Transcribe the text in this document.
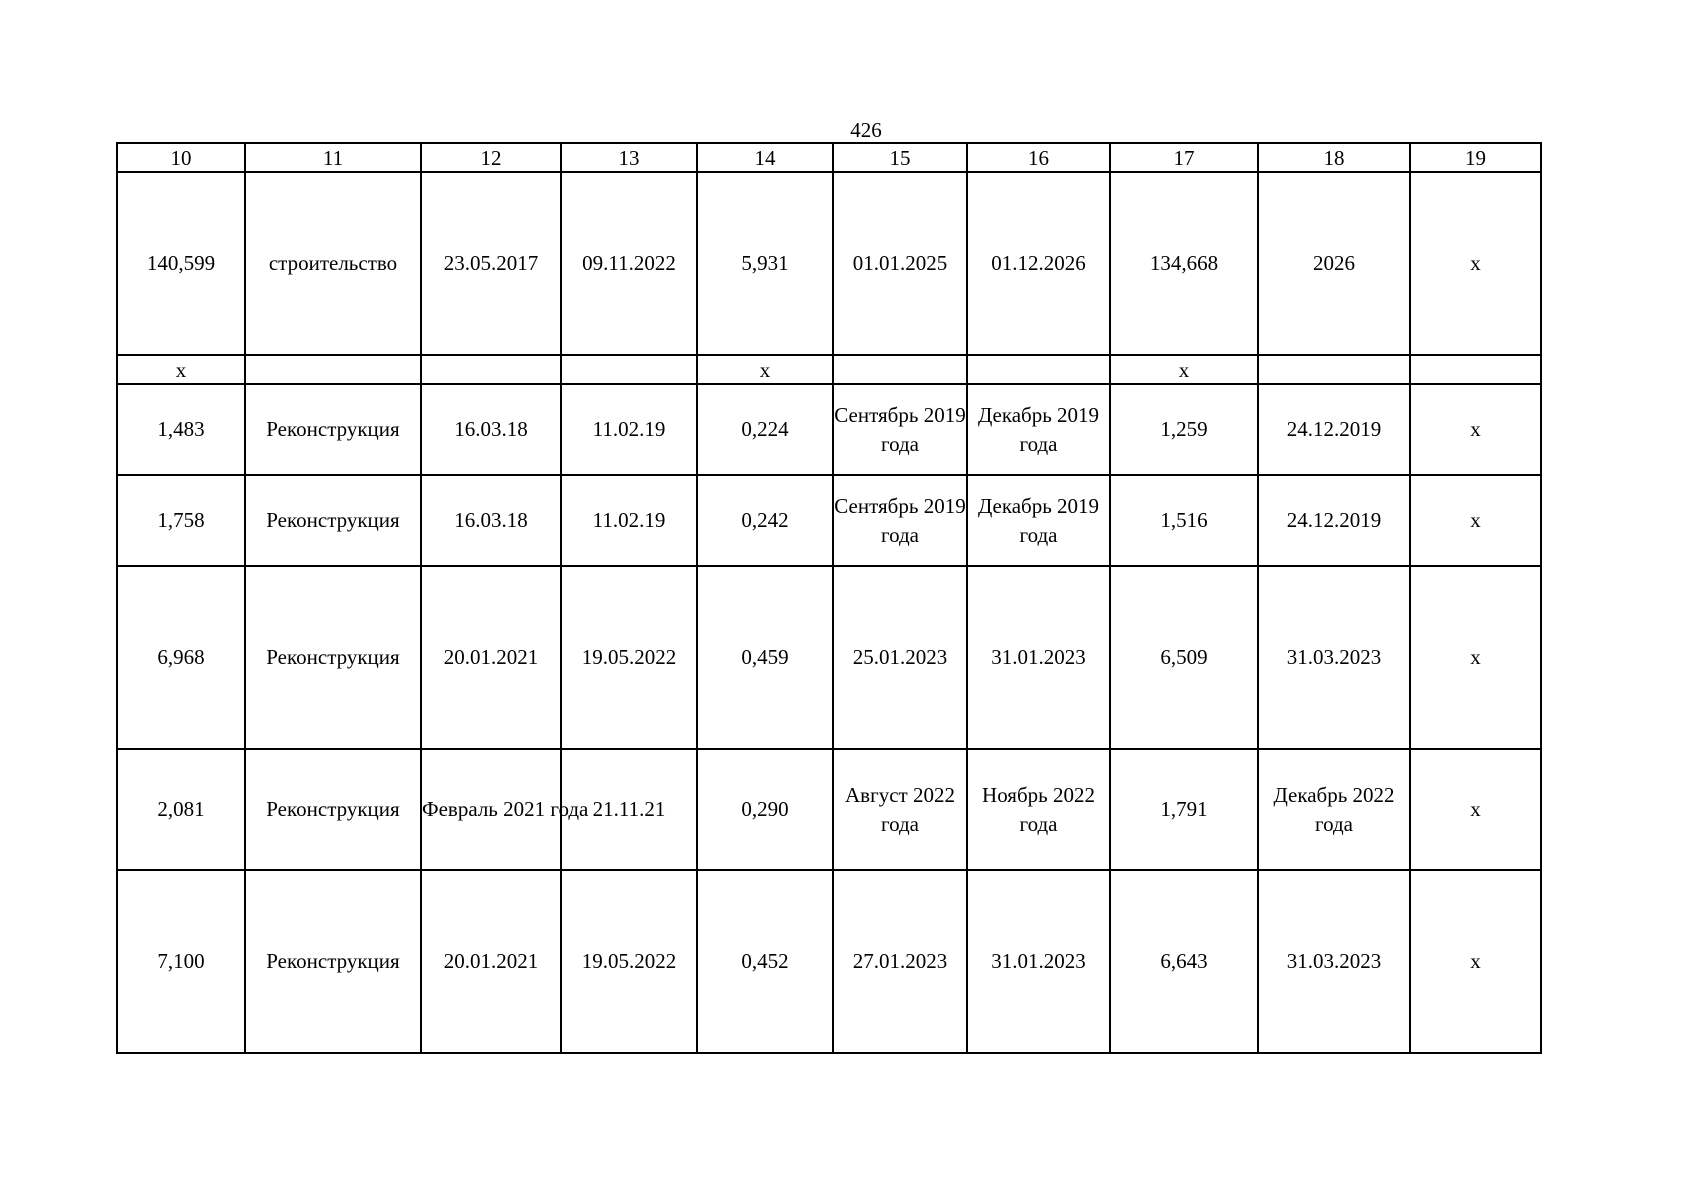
426
10	11	12	13	14	15	16	17	18	19
140,599	строительство	23.05.2017	09.11.2022	5,931	01.01.2025	01.12.2026	134,668	2026	х
х				х			х		
1,483	Реконструкция	16.03.18	11.02.19	0,224	Сентябрь 2019 года	Декабрь 2019 года	1,259	24.12.2019	х
1,758	Реконструкция	16.03.18	11.02.19	0,242	Сентябрь 2019 года	Декабрь 2019 года	1,516	24.12.2019	х
6,968	Реконструкция	20.01.2021	19.05.2022	0,459	25.01.2023	31.01.2023	6,509	31.03.2023	х
2,081	Реконструкция	Февраль 2021 года	21.11.21	0,290	Август 2022 года	Ноябрь 2022 года	1,791	Декабрь 2022 года	х
7,100	Реконструкция	20.01.2021	19.05.2022	0,452	27.01.2023	31.01.2023	6,643	31.03.2023	х
